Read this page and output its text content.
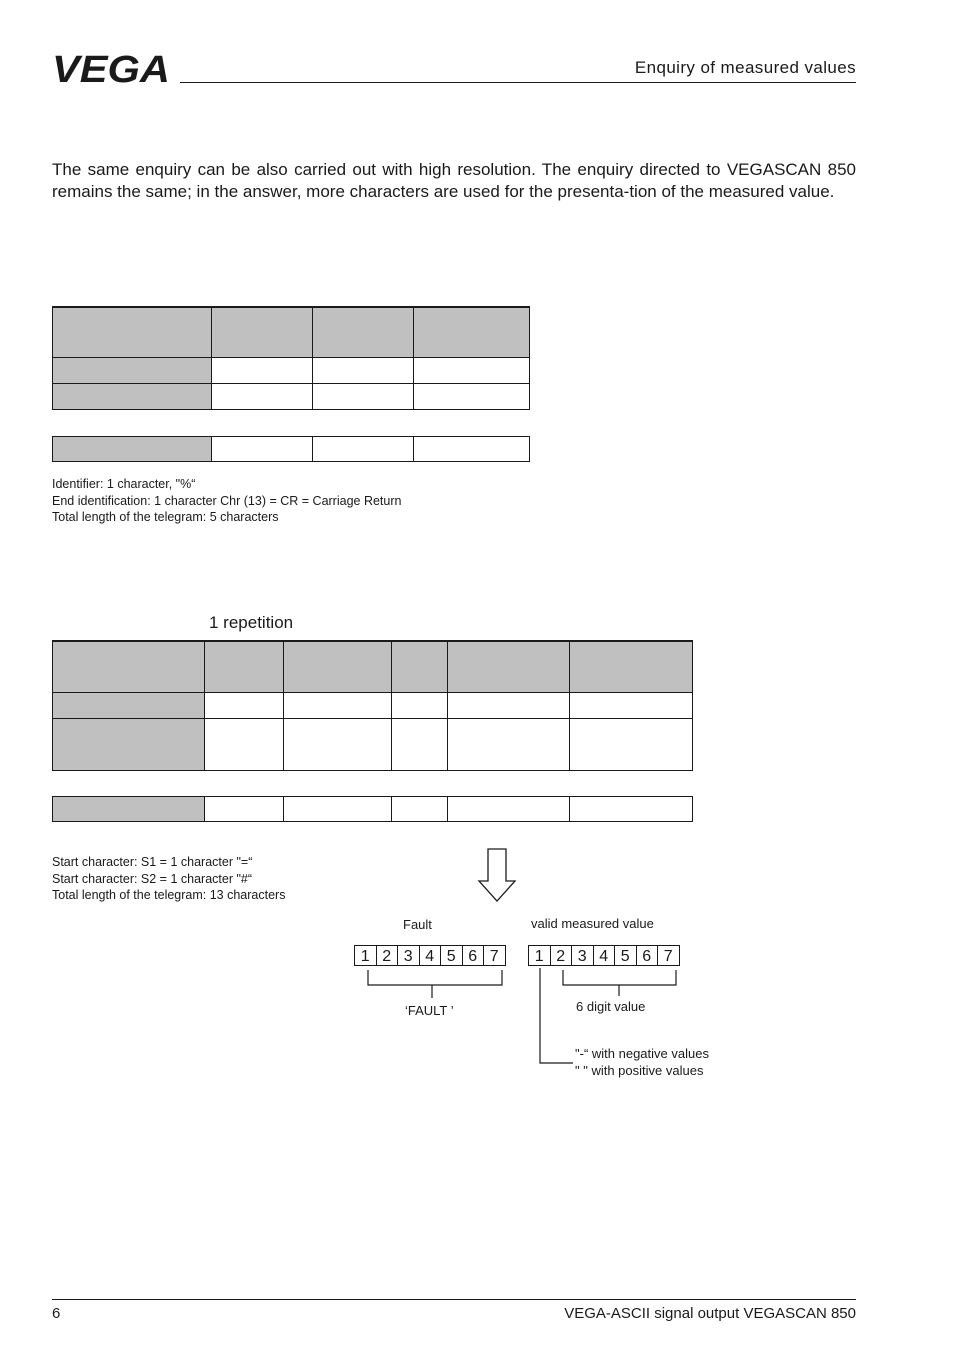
VEGA	Enquiry of measured values
The same enquiry can be also carried out with high resolution. The enquiry directed to VEGASCAN 850 remains the same; in the answer, more characters are used for the presenta-tion of the measured value.

Identifier: 1 character, "%“
End identification: 1 character Chr (13) = CR = Carriage Return
Total length of the telegram: 5 characters
1 repetition

Start character: S1 = 1 character "=“
Start character: S2 = 1 character "#“
Total length of the telegram: 13 characters
Fault	valid measured value
1 2 3 4 5 6 7	1 2 3 4 5 6 7
‘FAULT ’	6 digit value
"-“ with negative values
" " with positive values
6	VEGA-ASCII signal output VEGASCAN 850
